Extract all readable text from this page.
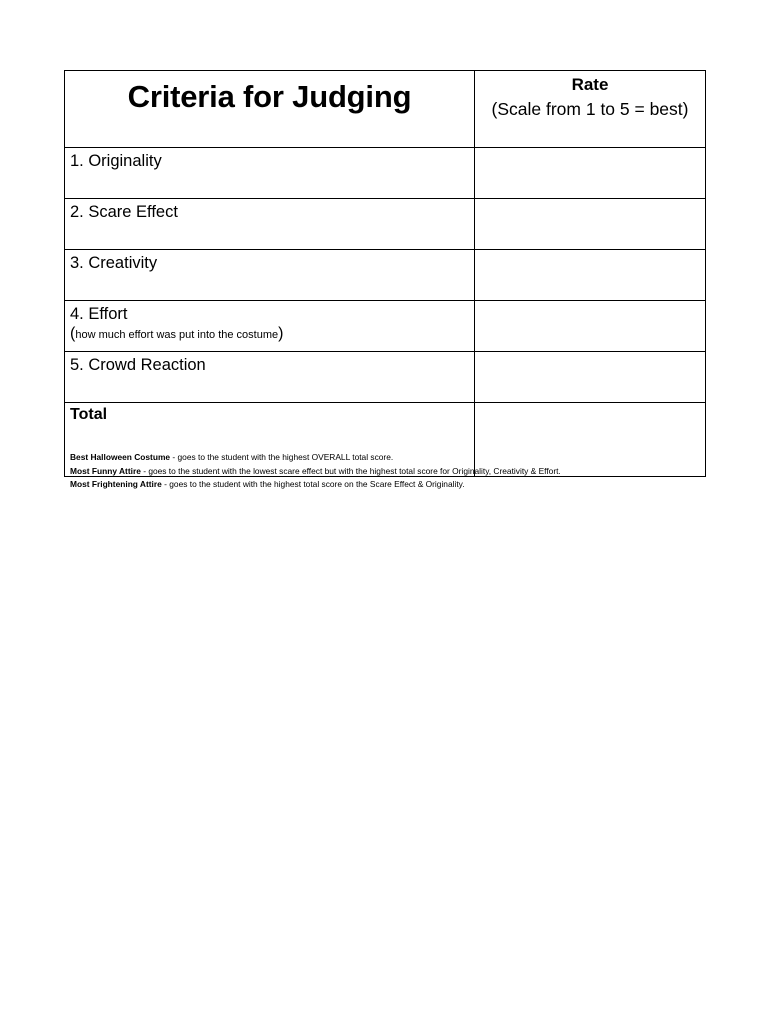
Criteria for Judging	Rate
(Scale from 1 to 5 = best)

1. Originality	
2. Scare Effect	
3. Creativity	

4. Effort
(how much effort was put into the costume)	

5. Crowd Reaction	
Total	
Best Halloween Costume - goes to the student with the highest OVERALL total score.
Most Funny Attire - goes to the student with the lowest scare effect but with the highest total score for Originality, Creativity & Effort.
Most Frightening Attire - goes to the student with the highest total score on the Scare Effect & Originality.
